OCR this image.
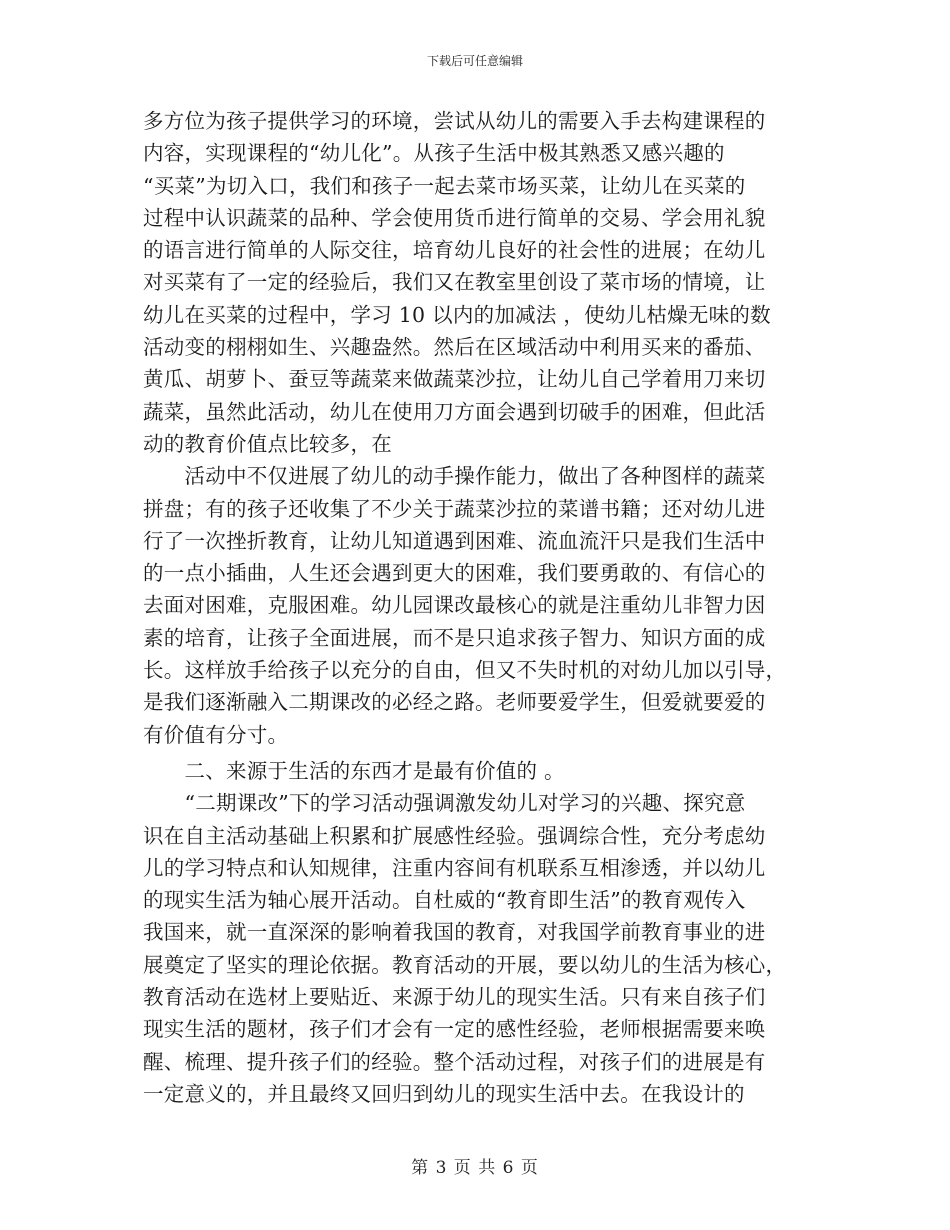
下载后可任意编辑
多方位为孩子提供学习的环境，尝试从幼儿的需要入手去构建课程的
内容，实现课程的“幼儿化”。从孩子生活中极其熟悉又感兴趣的
“买菜”为切入口，我们和孩子一起去菜市场买菜，让幼儿在买菜的
过程中认识蔬菜的品种、学会使用货币进行简单的交易、学会用礼貌
的语言进行简单的人际交往，培育幼儿良好的社会性的进展；在幼儿
对买菜有了一定的经验后，我们又在教室里创设了菜市场的情境，让
幼儿在买菜的过程中，学习 10 以内的加减法 ，使幼儿枯燥无味的数
活动变的栩栩如生、兴趣盎然。然后在区域活动中利用买来的番茄、
黄瓜、胡萝卜、蚕豆等蔬菜来做蔬菜沙拉，让幼儿自己学着用刀来切
蔬菜，虽然此活动，幼儿在使用刀方面会遇到切破手的困难，但此活
动的教育价值点比较多，在
　　活动中不仅进展了幼儿的动手操作能力，做出了各种图样的蔬菜
拼盘；有的孩子还收集了不少关于蔬菜沙拉的菜谱书籍；还对幼儿进
行了一次挫折教育，让幼儿知道遇到困难、流血流汗只是我们生活中
的一点小插曲，人生还会遇到更大的困难，我们要勇敢的、有信心的
去面对困难，克服困难。幼儿园课改最核心的就是注重幼儿非智力因
素的培育，让孩子全面进展，而不是只追求孩子智力、知识方面的成
长。这样放手给孩子以充分的自由，但又不失时机的对幼儿加以引导，
是我们逐渐融入二期课改的必经之路。老师要爱学生，但爱就要爱的
有价值有分寸。
　　二、来源于生活的东西才是最有价值的 。
　　“二期课改”下的学习活动强调激发幼儿对学习的兴趣、探究意
识在自主活动基础上积累和扩展感性经验。强调综合性，充分考虑幼
儿的学习特点和认知规律，注重内容间有机联系互相渗透，并以幼儿
的现实生活为轴心展开活动。自杜威的“教育即生活”的教育观传入
我国来，就一直深深的影响着我国的教育，对我国学前教育事业的进
展奠定了坚实的理论依据。教育活动的开展，要以幼儿的生活为核心，
教育活动在选材上要贴近、来源于幼儿的现实生活。只有来自孩子们
现实生活的题材，孩子们才会有一定的感性经验，老师根据需要来唤
醒、梳理、提升孩子们的经验。整个活动过程，对孩子们的进展是有
一定意义的，并且最终又回归到幼儿的现实生活中去。在我设计的
第 3 页 共 6 页
